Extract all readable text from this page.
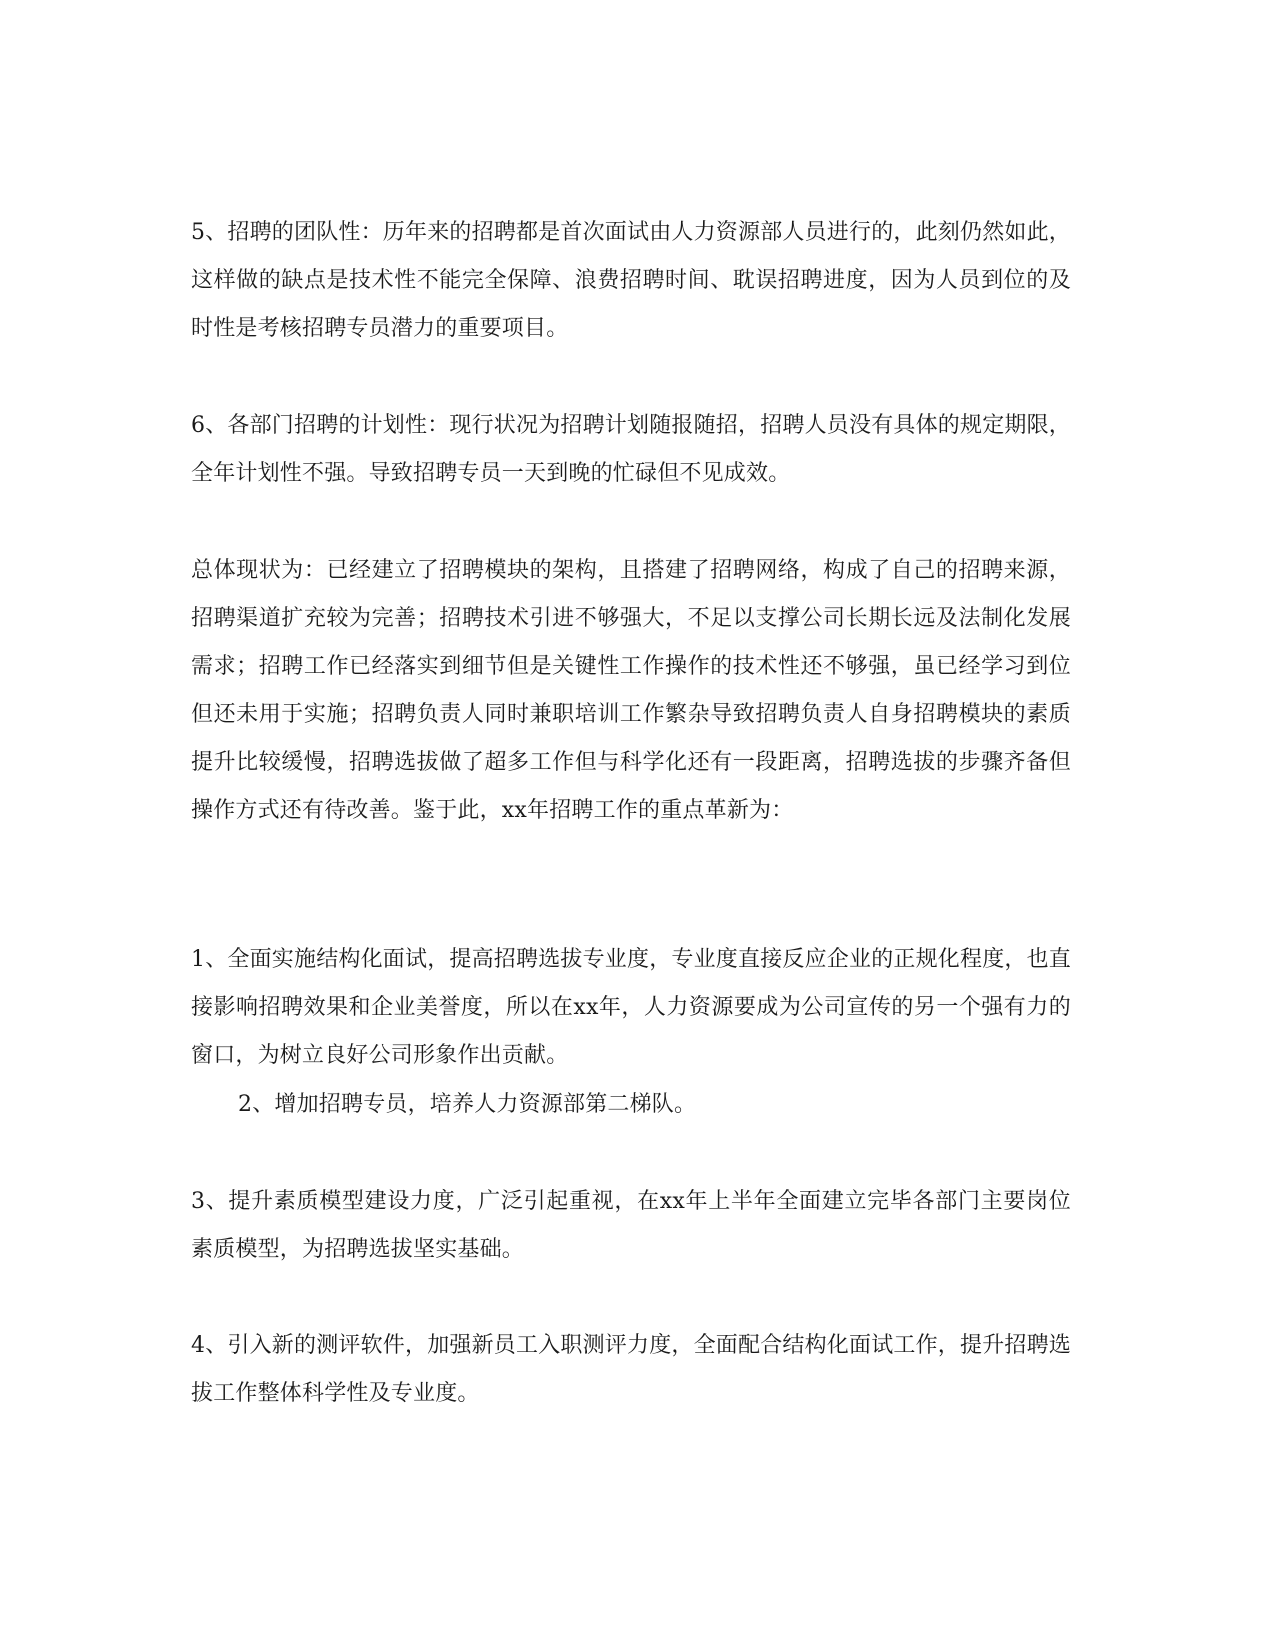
5、招聘的团队性：历年来的招聘都是首次面试由人力资源部人员进行的，此刻仍然如此，这样做的缺点是技术性不能完全保障、浪费招聘时间、耽误招聘进度，因为人员到位的及时性是考核招聘专员潜力的重要项目。

6、各部门招聘的计划性：现行状况为招聘计划随报随招，招聘人员没有具体的规定期限，全年计划性不强。导致招聘专员一天到晚的忙碌但不见成效。

总体现状为：已经建立了招聘模块的架构，且搭建了招聘网络，构成了自己的招聘来源，招聘渠道扩充较为完善；招聘技术引进不够强大，不足以支撑公司长期长远及法制化发展需求；招聘工作已经落实到细节但是关键性工作操作的技术性还不够强，虽已经学习到位但还未用于实施；招聘负责人同时兼职培训工作繁杂导致招聘负责人自身招聘模块的素质提升比较缓慢，招聘选拔做了超多工作但与科学化还有一段距离，招聘选拔的步骤齐备但操作方式还有待改善。鉴于此，xx年招聘工作的重点革新为：

1、全面实施结构化面试，提高招聘选拔专业度，专业度直接反应企业的正规化程度，也直接影响招聘效果和企业美誉度，所以在xx年，人力资源要成为公司宣传的另一个强有力的窗口，为树立良好公司形象作出贡献。

2、增加招聘专员，培养人力资源部第二梯队。

3、提升素质模型建设力度，广泛引起重视，在xx年上半年全面建立完毕各部门主要岗位素质模型，为招聘选拔坚实基础。

4、引入新的测评软件，加强新员工入职测评力度，全面配合结构化面试工作，提升招聘选拔工作整体科学性及专业度。
